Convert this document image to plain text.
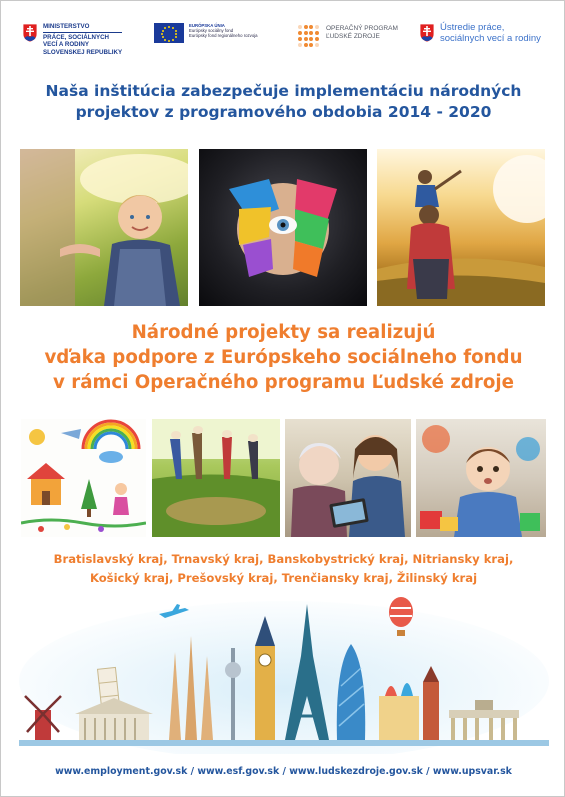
MINISTERSTVO
PRÁCE, SOCIÁLNYCH
VECÍ A RODINY
SLOVENSKEJ REPUBLIKY
EURÓPSKA ÚNIA
Európsky sociálny fond
Európsky fond regionálneho rozvoja
OPERAČNÝ PROGRAM
ĽUDSKÉ ZDROJE
Ústredie práce,
sociálnych vecí a rodiny
Naša inštitúcia zabezpečuje implementáciu národných
projektov z programového obdobia 2014 - 2020
Národné projekty sa realizujú
vďaka podpore z Európskeho sociálneho fondu
v rámci Operačného programu Ľudské zdroje
Bratislavský kraj, Trnavský kraj, Banskobystrický kraj, Nitriansky kraj,
Košický kraj, Prešovský kraj, Trenčiansky kraj, Žilinský kraj
www.employment.gov.sk / www.esf.gov.sk / www.ludskezdroje.gov.sk / www.upsvar.sk
